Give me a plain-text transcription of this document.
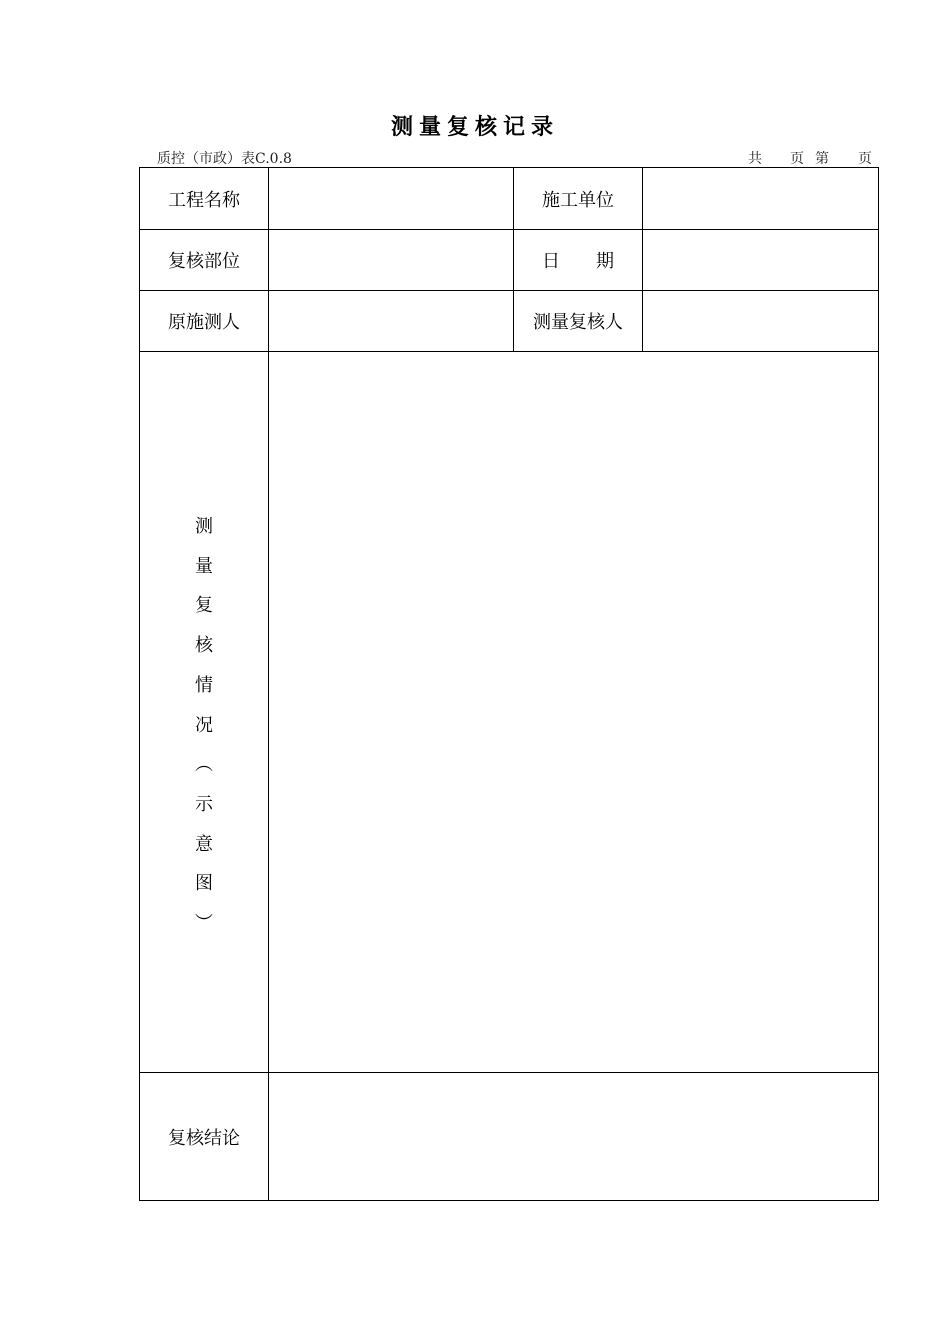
测量复核记录
质控（市政）表C.0.8	共 页 第 页
工程名称	施工单位
复核部位	日　　期
原施测人	测量复核人
测
量
复
核
情
况
︵
示
意
图
︶
复核结论
